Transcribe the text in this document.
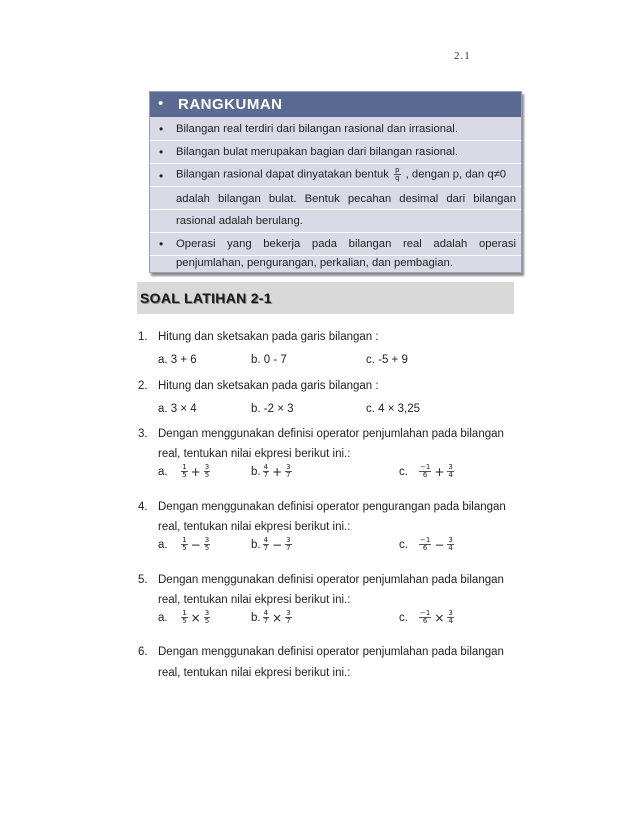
2.1
• RANGKUMAN
• Bilangan real terdiri dari bilangan rasional dan irrasional.
• Bilangan bulat merupakan bagian dari bilangan rasional.
• Bilangan rasional dapat dinyatakan bentuk $\frac{p}{q}$ , dengan p, dan q≠0
adalah bilangan bulat. Bentuk pecahan desimal dari bilangan
rasional adalah berulang.
• Operasi yang bekerja pada bilangan real adalah operasi
penjumlahan, pengurangan, perkalian, dan pembagian.
SOAL LATIHAN 2-1
1. Hitung dan sketsakan pada garis bilangan :
a. 3 + 6	b. 0 - 7	c. -5 + 9
2. Hitung dan sketsakan pada garis bilangan :
a. 3 × 4	b. -2 × 3	c. 4 × 3,25
3. Dengan menggunakan definisi operator penjumlahan pada bilangan
real, tentukan nilai ekpresi berikut ini.:
a. $\frac{1}{5} + \frac{3}{5}$	b. $\frac{4}{7} + \frac{3}{7}$	c. $\frac{-1}{6} + \frac{3}{4}$
4. Dengan menggunakan definisi operator pengurangan pada bilangan
real, tentukan nilai ekpresi berikut ini.:
a. $\frac{1}{5} - \frac{3}{5}$	b. $\frac{4}{7} - \frac{3}{7}$	c. $\frac{-1}{6} - \frac{3}{4}$
5. Dengan menggunakan definisi operator penjumlahan pada bilangan
real, tentukan nilai ekpresi berikut ini.:
a. $\frac{1}{5} \times \frac{3}{5}$	b. $\frac{4}{7} \times \frac{3}{7}$	c. $\frac{-1}{6} \times \frac{3}{4}$
6. Dengan menggunakan definisi operator penjumlahan pada bilangan
real, tentukan nilai ekpresi berikut ini.:
